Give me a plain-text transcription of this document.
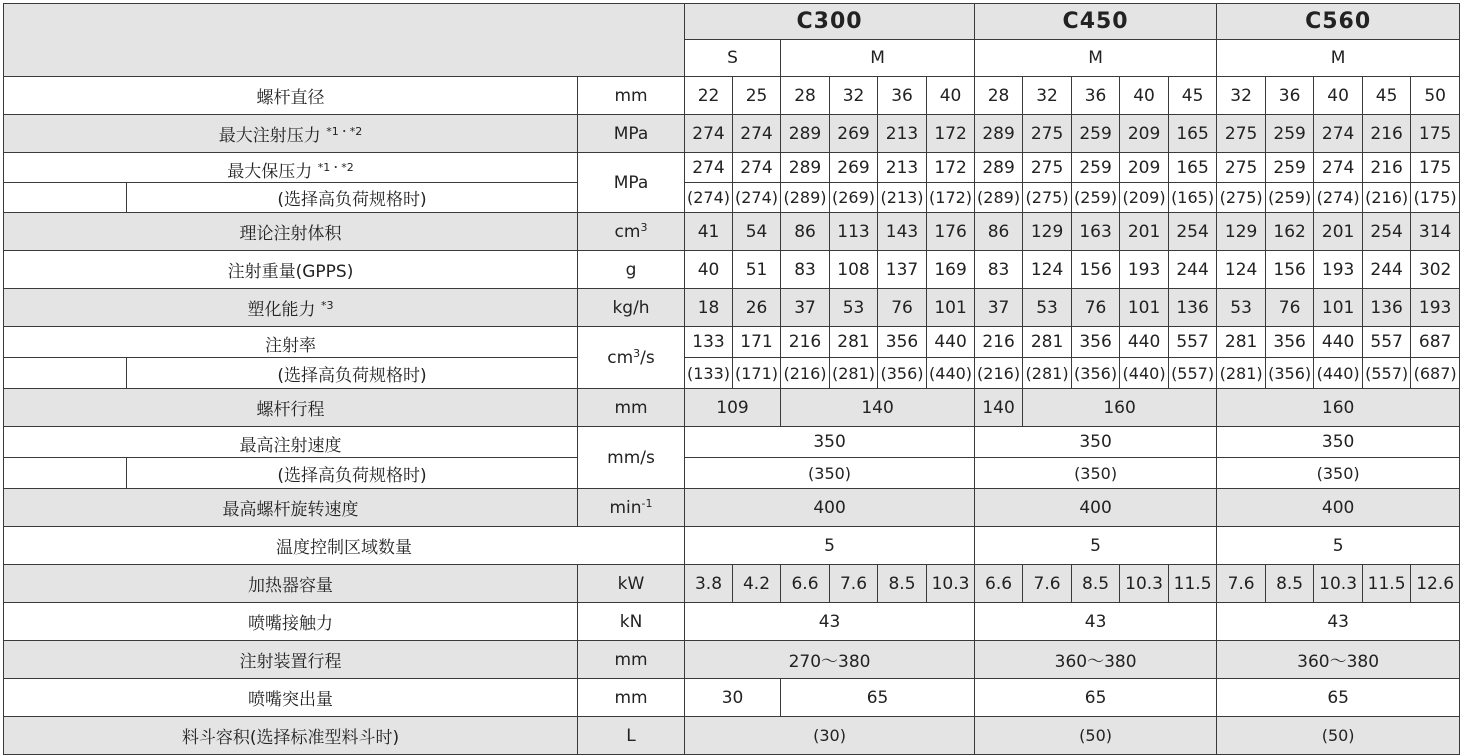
			C300						C450					C560				
			S		M				M					M				
螺杆直径		mm	22	25	28	32	36	40	28	32	36	40	45	32	36	40	45	50
最大注射压力 $^{*1・*2}$		MPa	274	274	289	269	213	172	289	275	259	209	165	275	259	274	216	175
最大保压力 $^{*1・*2}$		MPa	274	274	289	269	213	172	289	275	259	209	165	275	259	274	216	175
	(选择高负荷规格时)		(274)	(274)	(289)	(269)	(213)	(172)	(289)	(275)	(259)	(209)	(165)	(275)	(259)	(274)	(216)	(175)
理论注射体积		$cm^3$	41	54	86	113	143	176	86	129	163	201	254	129	162	201	254	314
注射重量(GPPS)		g	40	51	83	108	137	169	83	124	156	193	244	124	156	193	244	302
塑化能力 $^{*3}$		kg/h	18	26	37	53	76	101	37	53	76	101	136	53	76	101	136	193
注射率		$cm^3/s$	133	171	216	281	356	440	216	281	356	440	557	281	356	440	557	687
	(选择高负荷规格时)		(133)	(171)	(216)	(281)	(356)	(440)	(216)	(281)	(356)	(440)	(557)	(281)	(356)	(440)	(557)	(687)
螺杆行程		mm	109		140				140	160				160				
最高注射速度		mm/s	350						350					350				
	(选择高负荷规格时)		(350)						(350)					(350)				
最高螺杆旋转速度		$\min^{-1}$	400						400					400				
温度控制区域数量			5						5					5				
加热器容量		kW	3.8	4.2	6.6	7.6	8.5	10.3	6.6	7.6	8.5	10.3	11.5	7.6	8.5	10.3	11.5	12.6
喷嘴接触力		kN	43						43					43				
注射装置行程		mm	270〜380						360〜380					360〜380				
喷嘴突出量		mm	30		65				65					65				
料斗容积(选择标准型料斗时)		L	(30)						(50)					(50)				
